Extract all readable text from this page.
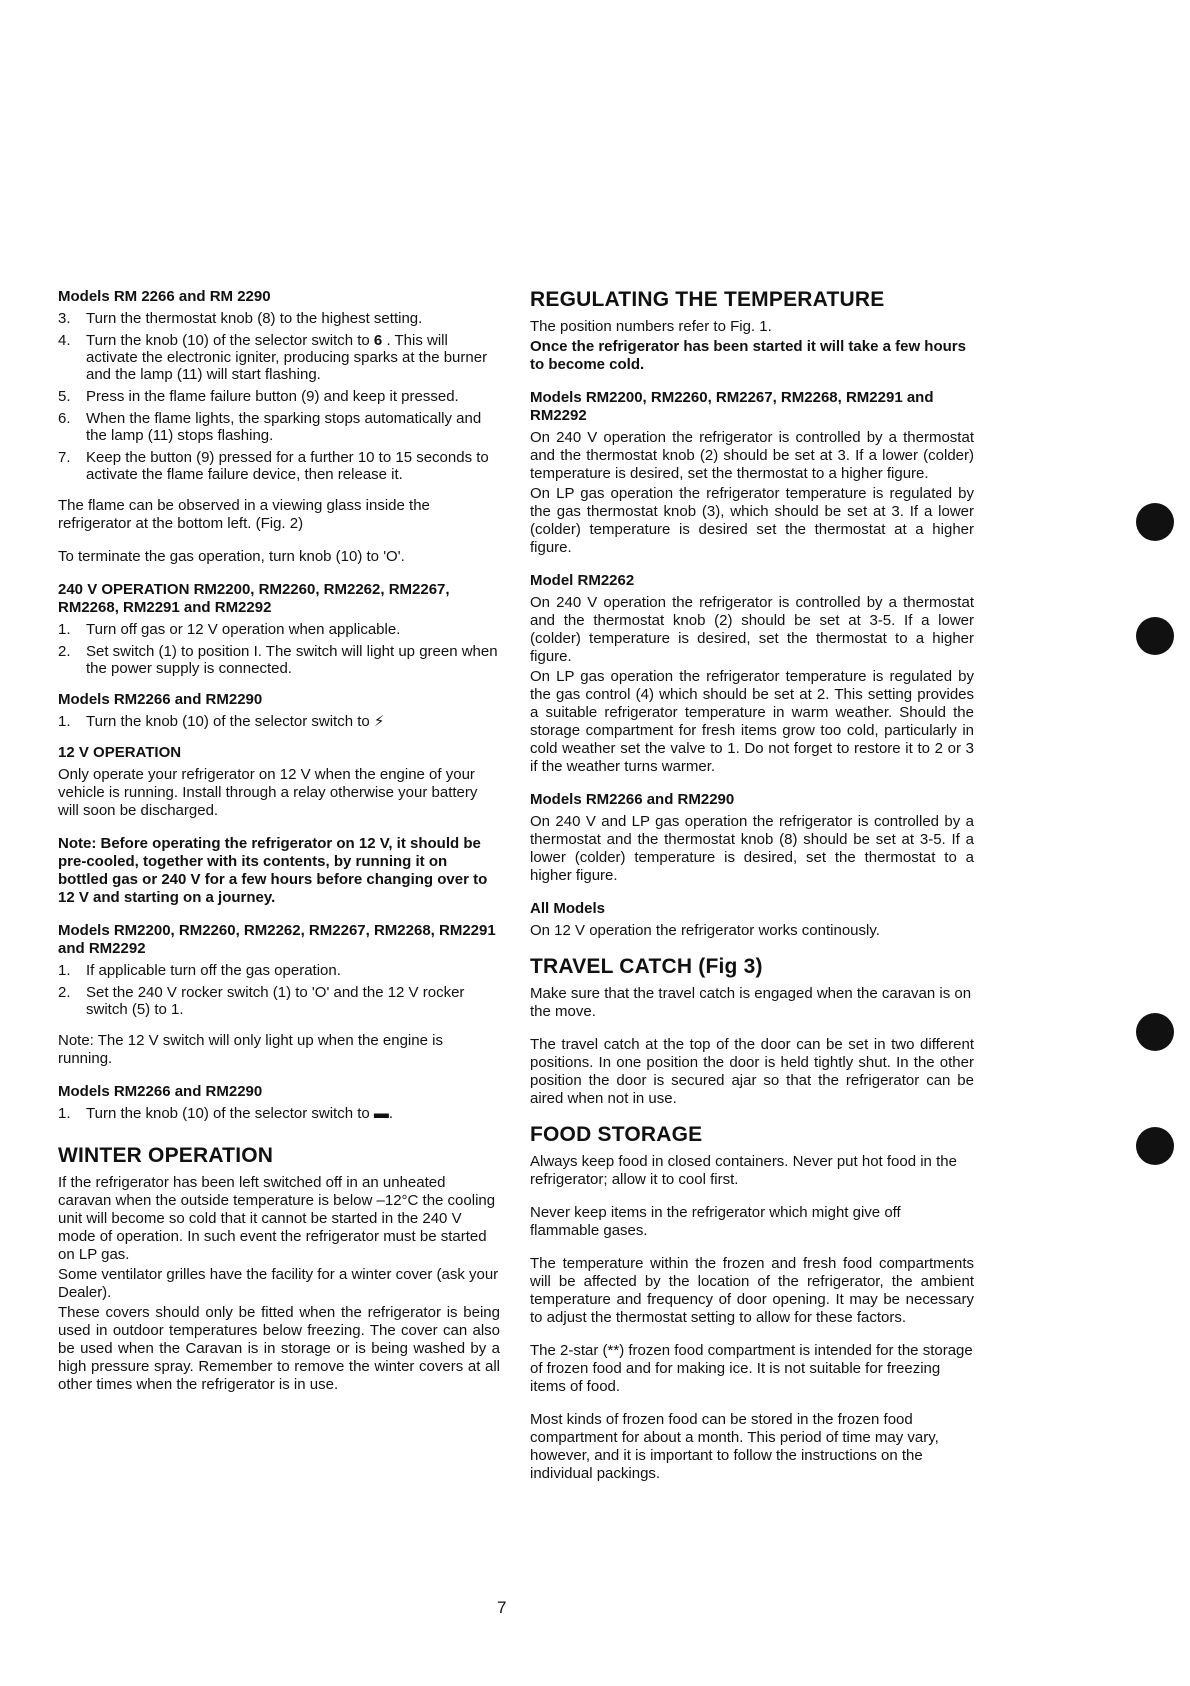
Models RM 2266 and RM 2290
3. Turn the thermostat knob (8) to the highest setting.
4. Turn the knob (10) of the selector switch to 6 . This will activate the electronic igniter, producing sparks at the burner and the lamp (11) will start flashing.
5. Press in the flame failure button (9) and keep it pressed.
6. When the flame lights, the sparking stops automatically and the lamp (11) stops flashing.
7. Keep the button (9) pressed for a further 10 to 15 seconds to activate the flame failure device, then release it.

The flame can be observed in a viewing glass inside the refrigerator at the bottom left. (Fig. 2)

To terminate the gas operation, turn knob (10) to 'O'.

240 V OPERATION RM2200, RM2260, RM2262, RM2267, RM2268, RM2291 and RM2292
1. Turn off gas or 12 V operation when applicable.
2. Set switch (1) to position I. The switch will light up green when the power supply is connected.
Models RM2266 and RM2290
1. Turn the knob (10) of the selector switch to ⚡
12 V OPERATION

Only operate your refrigerator on 12 V when the engine of your vehicle is running. Install through a relay otherwise your battery will soon be discharged.

Note: Before operating the refrigerator on 12 V, it should be pre-cooled, together with its contents, by running it on bottled gas or 240 V for a few hours before changing over to 12 V and starting on a journey.

Models RM2200, RM2260, RM2262, RM2267, RM2268, RM2291 and RM2292
1. If applicable turn off the gas operation.
2. Set the 240 V rocker switch (1) to 'O' and the 12 V rocker switch (5) to 1.

Note: The 12 V switch will only light up when the engine is running.

Models RM2266 and RM2290
1. Turn the knob (10) of the selector switch to ▬.
WINTER OPERATION

If the refrigerator has been left switched off in an unheated caravan when the outside temperature is below –12°C the cooling unit will become so cold that it cannot be started in the 240 V mode of operation. In such event the refrigerator must be started on LP gas.

Some ventilator grilles have the facility for a winter cover (ask your Dealer).

These covers should only be fitted when the refrigerator is being used in outdoor temperatures below freezing. The cover can also be used when the Caravan is in storage or is being washed by a high pressure spray. Remember to remove the winter covers at all other times when the refrigerator is in use.

REGULATING THE TEMPERATURE

The position numbers refer to Fig. 1.

Once the refrigerator has been started it will take a few hours to become cold.

Models RM2200, RM2260, RM2267, RM2268, RM2291 and RM2292

On 240 V operation the refrigerator is controlled by a thermostat and the thermostat knob (2) should be set at 3. If a lower (colder) temperature is desired, set the thermostat to a higher figure.

On LP gas operation the refrigerator temperature is regulated by the gas thermostat knob (3), which should be set at 3. If a lower (colder) temperature is desired set the thermostat at a higher figure.

Model RM2262

On 240 V operation the refrigerator is controlled by a thermostat and the thermostat knob (2) should be set at 3-5. If a lower (colder) temperature is desired, set the thermostat to a higher figure.

On LP gas operation the refrigerator temperature is regulated by the gas control (4) which should be set at 2. This setting provides a suitable refrigerator temperature in warm weather. Should the storage compartment for fresh items grow too cold, particularly in cold weather set the valve to 1. Do not forget to restore it to 2 or 3 if the weather turns warmer.

Models RM2266 and RM2290

On 240 V and LP gas operation the refrigerator is controlled by a thermostat and the thermostat knob (8) should be set at 3-5. If a lower (colder) temperature is desired, set the thermostat to a higher figure.

All Models

On 12 V operation the refrigerator works continously.

TRAVEL CATCH (Fig 3)

Make sure that the travel catch is engaged when the caravan is on the move.

The travel catch at the top of the door can be set in two different positions. In one position the door is held tightly shut. In the other position the door is secured ajar so that the refrigerator can be aired when not in use.

FOOD STORAGE

Always keep food in closed containers. Never put hot food in the refrigerator; allow it to cool first.

Never keep items in the refrigerator which might give off flammable gases.

The temperature within the frozen and fresh food compartments will be affected by the location of the refrigerator, the ambient temperature and frequency of door opening. It may be necessary to adjust the thermostat setting to allow for these factors.

The 2-star (**) frozen food compartment is intended for the storage of frozen food and for making ice. It is not suitable for freezing items of food.

Most kinds of frozen food can be stored in the frozen food compartment for about a month. This period of time may vary, however, and it is important to follow the instructions on the individual packings.

7
